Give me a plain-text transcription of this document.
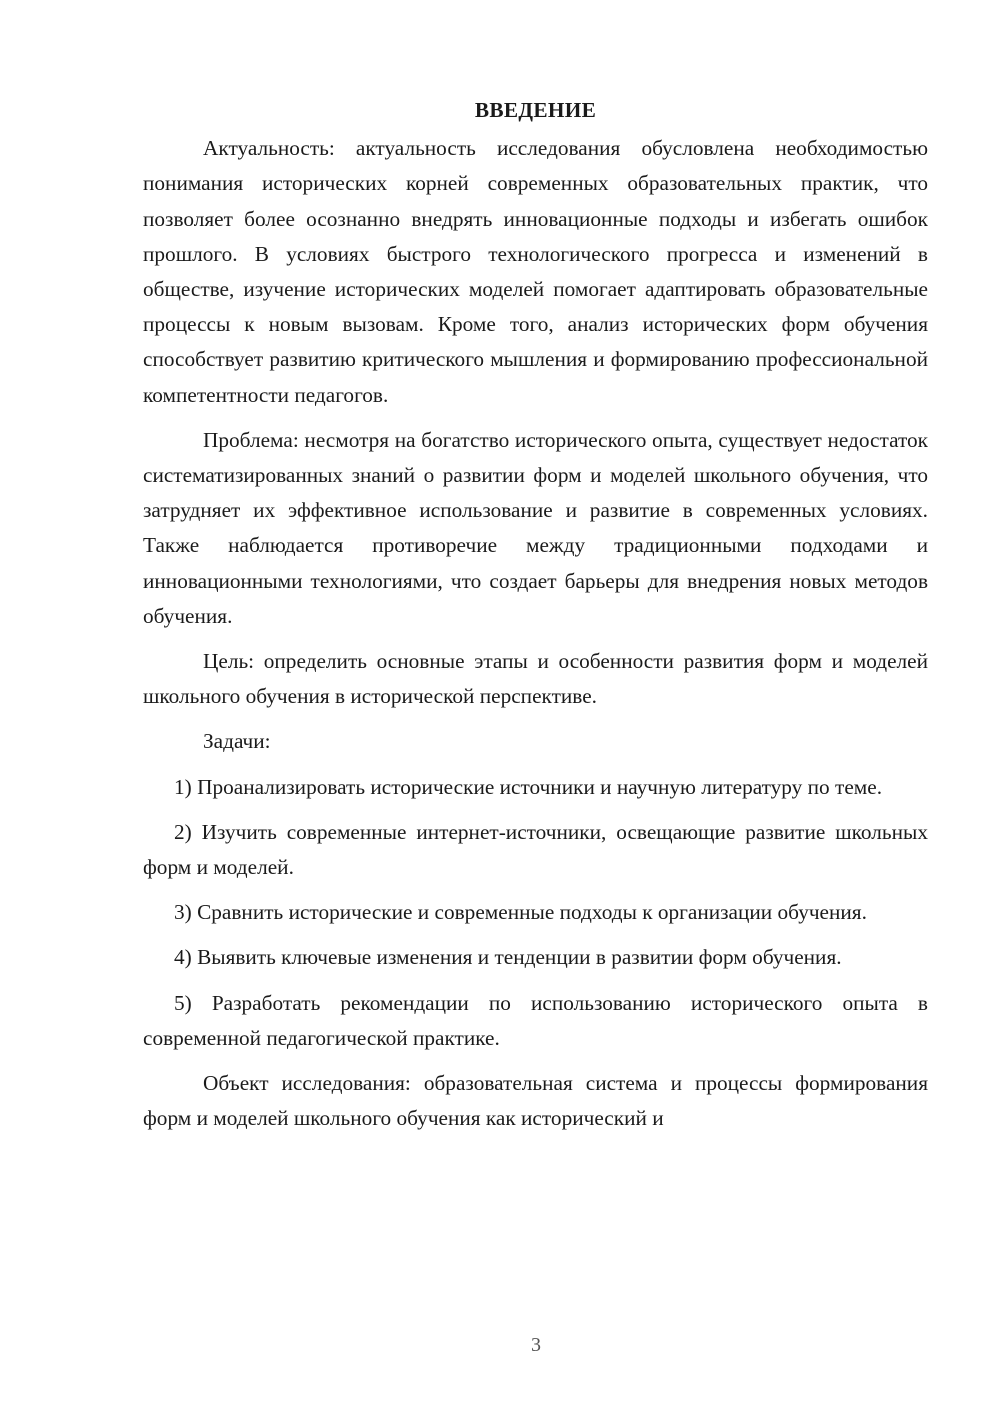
ВВЕДЕНИЕ

Актуальность: актуальность исследования обусловлена необходимостью понимания исторических корней современных образовательных практик, что позволяет более осознанно внедрять инновационные подходы и избегать ошибок прошлого. В условиях быстрого технологического прогресса и изменений в обществе, изучение исторических моделей помогает адаптировать образовательные процессы к новым вызовам. Кроме того, анализ исторических форм обучения способствует развитию критического мышления и формированию профессиональной компетентности педагогов.

Проблема: несмотря на богатство исторического опыта, существует недостаток систематизированных знаний о развитии форм и моделей школьного обучения, что затрудняет их эффективное использование и развитие в современных условиях. Также наблюдается противоречие между традиционными подходами и инновационными технологиями, что создает барьеры для внедрения новых методов обучения.

Цель: определить основные этапы и особенности развития форм и моделей школьного обучения в исторической перспективе.

Задачи:

1) Проанализировать исторические источники и научную литературу по теме.

2) Изучить современные интернет-источники, освещающие развитие школьных форм и моделей.

3) Сравнить исторические и современные подходы к организации обучения.

4) Выявить ключевые изменения и тенденции в развитии форм обучения.

5) Разработать рекомендации по использованию исторического опыта в современной педагогической практике.

Объект исследования: образовательная система и процессы формирования форм и моделей школьного обучения как исторический и

3
